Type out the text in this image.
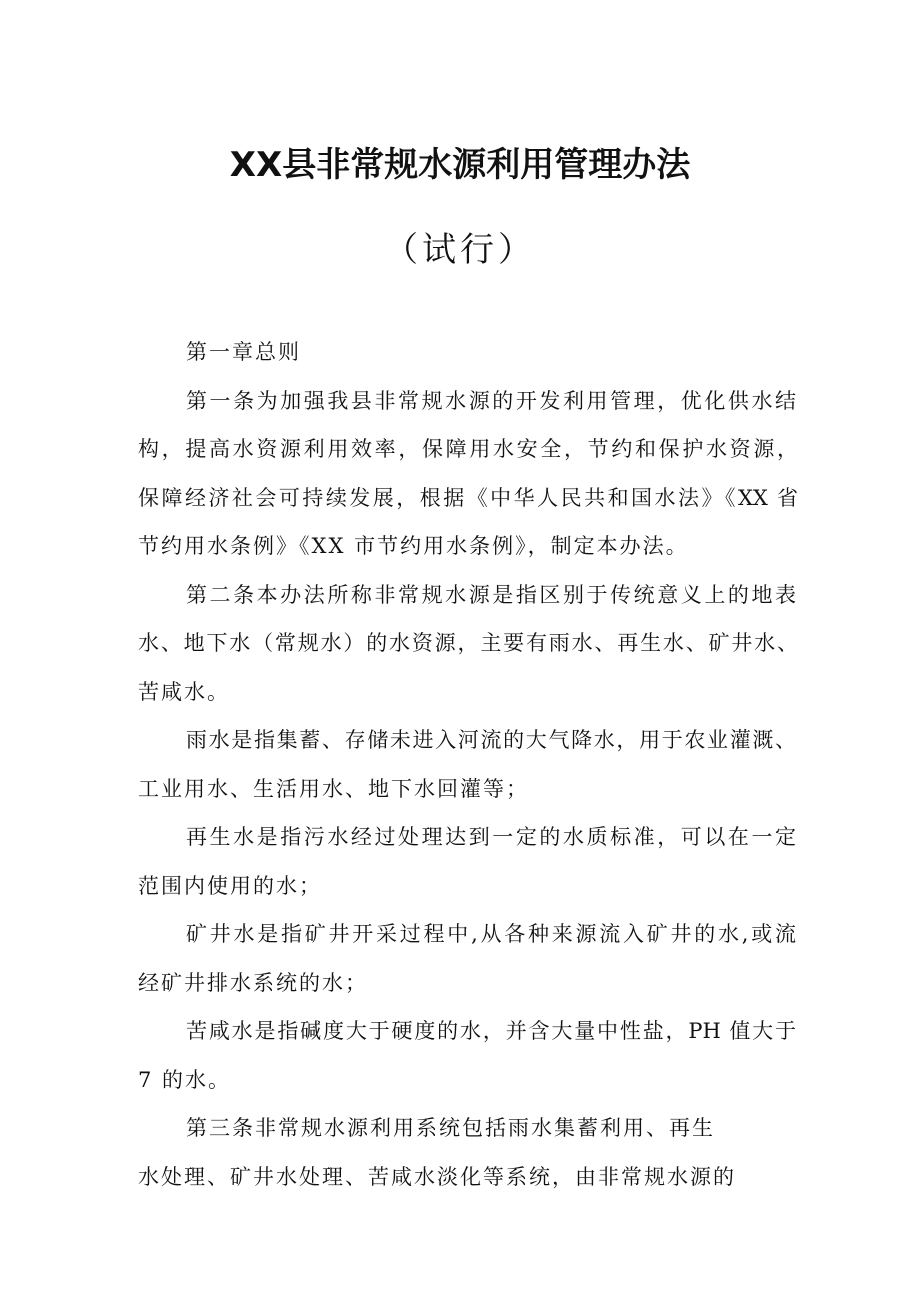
XX县非常规水源利用管理办法
（试行）
第一章总则
第一条为加强我县非常规水源的开发利用管理，优化供水结
构，提高水资源利用效率，保障用水安全，节约和保护水资源，
保障经济社会可持续发展，根据《中华人民共和国水法》《XX 省
节约用水条例》《XX 市节约用水条例》，制定本办法。
第二条本办法所称非常规水源是指区别于传统意义上的地表
水、地下水（常规水）的水资源，主要有雨水、再生水、矿井水、
苦咸水。
雨水是指集蓄、存储未进入河流的大气降水，用于农业灌溉、
工业用水、生活用水、地下水回灌等；
再生水是指污水经过处理达到一定的水质标准，可以在一定
范围内使用的水；
矿井水是指矿井开采过程中,从各种来源流入矿井的水,或流
经矿井排水系统的水；
苦咸水是指碱度大于硬度的水，并含大量中性盐，PH 值大于
7 的水。
第三条非常规水源利用系统包括雨水集蓄利用、再生
水处理、矿井水处理、苦咸水淡化等系统，由非常规水源的
